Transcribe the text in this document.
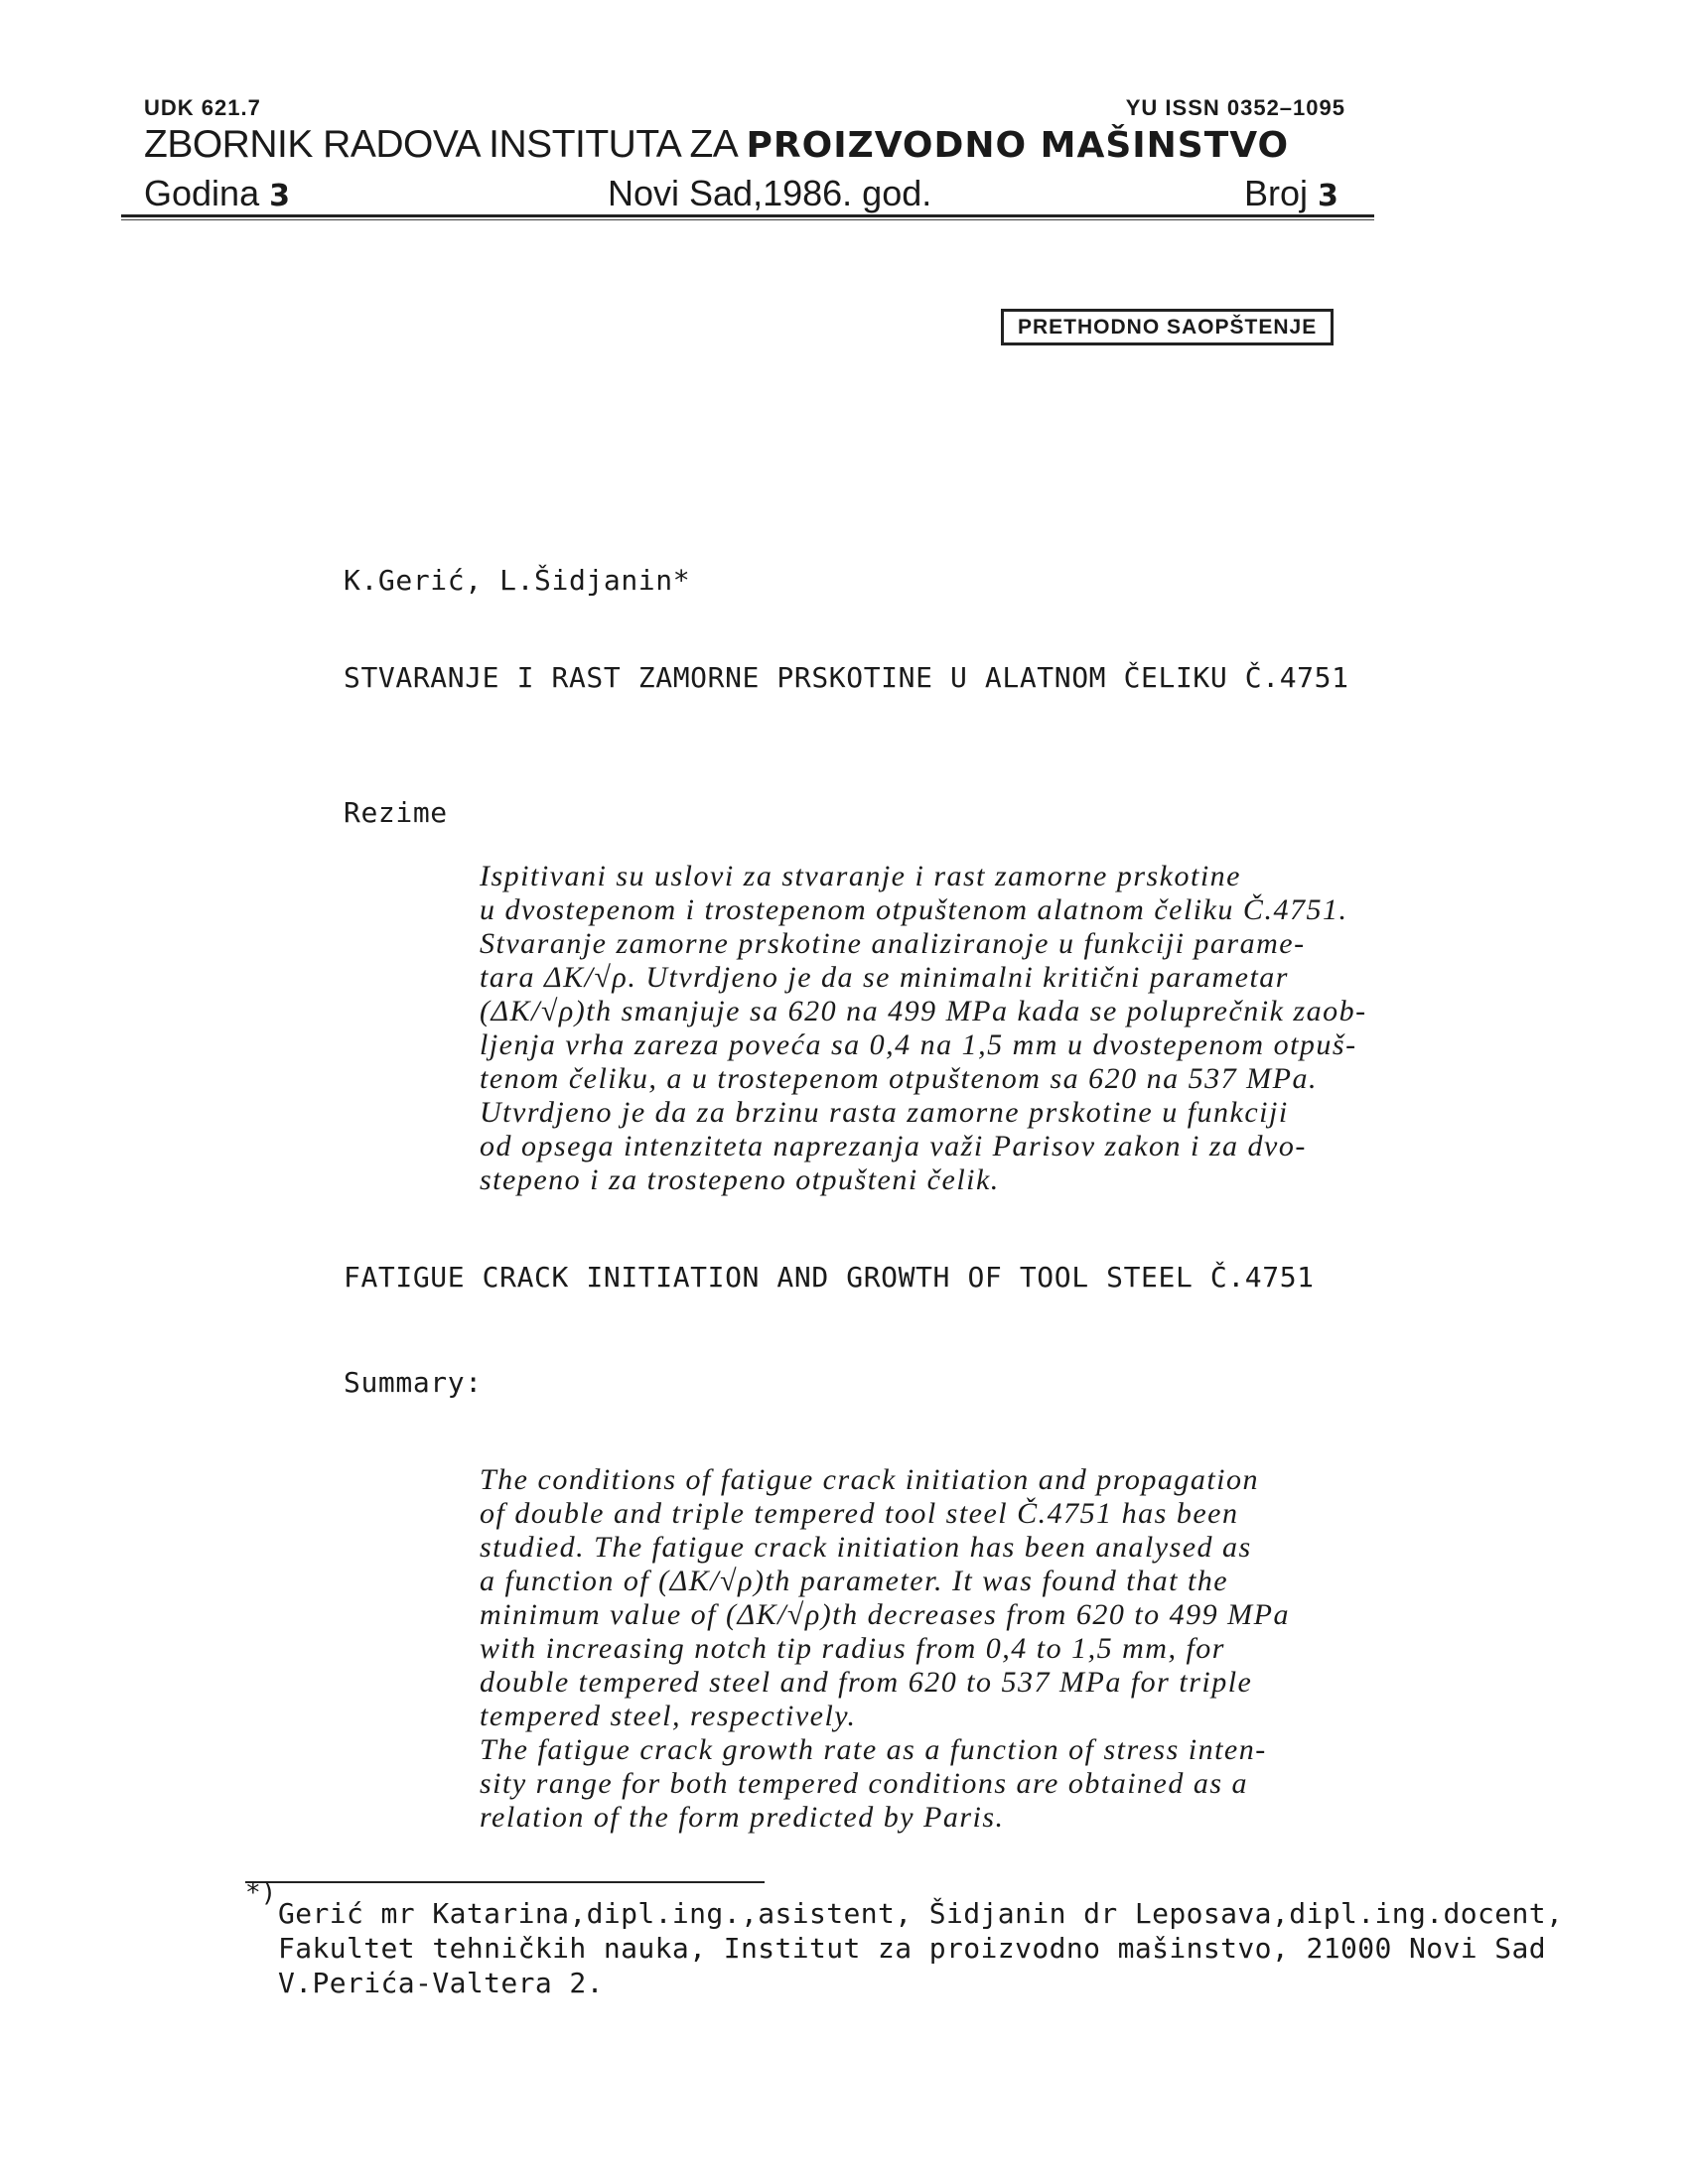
UDK 621.7	YU ISSN 0352–1095
ZBORNIK RADOVA INSTITUTA ZA PROIZVODNO MAŠINSTVO
Godina 3	Novi Sad,1986. god.	Broj 3
PRETHODNO SAOPŠTENJE
K.Gerić, L.Šidjanin*
STVARANJE I RAST ZAMORNE PRSKOTINE U ALATNOM ČELIKU Č.4751
Rezime
Ispitivani su uslovi za stvaranje i rast zamorne prskotine
u dvostepenom i trostepenom otpuštenom alatnom čeliku Č.4751.
Stvaranje zamorne prskotine analiziranoje u funkciji parame-
tara ΔK/√ρ. Utvrdjeno je da se minimalni kritični parametar
(ΔK/√ρ)th smanjuje sa 620 na 499 MPa kada se poluprečnik zaob-
ljenja vrha zareza poveća sa 0,4 na 1,5 mm u dvostepenom otpuš-
tenom čeliku, a u trostepenom otpuštenom sa 620 na 537 MPa.
Utvrdjeno je da za brzinu rasta zamorne prskotine u funkciji
od opsega intenziteta naprezanja važi Parisov zakon i za dvo-
stepeno i za trostepeno otpušteni čelik.
FATIGUE CRACK INITIATION AND GROWTH OF TOOL STEEL Č.4751
Summary:
The conditions of fatigue crack initiation and propagation
of double and triple tempered tool steel Č.4751 has been
studied. The fatigue crack initiation has been analysed as
a function of (ΔK/√ρ)th parameter. It was found that the
minimum value of (ΔK/√ρ)th decreases from 620 to 499 MPa
with increasing notch tip radius from 0,4 to 1,5 mm, for
double tempered steel and from 620 to 537 MPa for triple
tempered steel, respectively.
The fatigue crack growth rate as a function of stress inten-
sity range for both tempered conditions are obtained as a
relation of the form predicted by Paris.
*)
Gerić mr Katarina,dipl.ing.,asistent, Šidjanin dr Leposava,dipl.ing.docent,
Fakultet tehničkih nauka, Institut za proizvodno mašinstvo, 21000 Novi Sad
V.Perića-Valtera 2.
